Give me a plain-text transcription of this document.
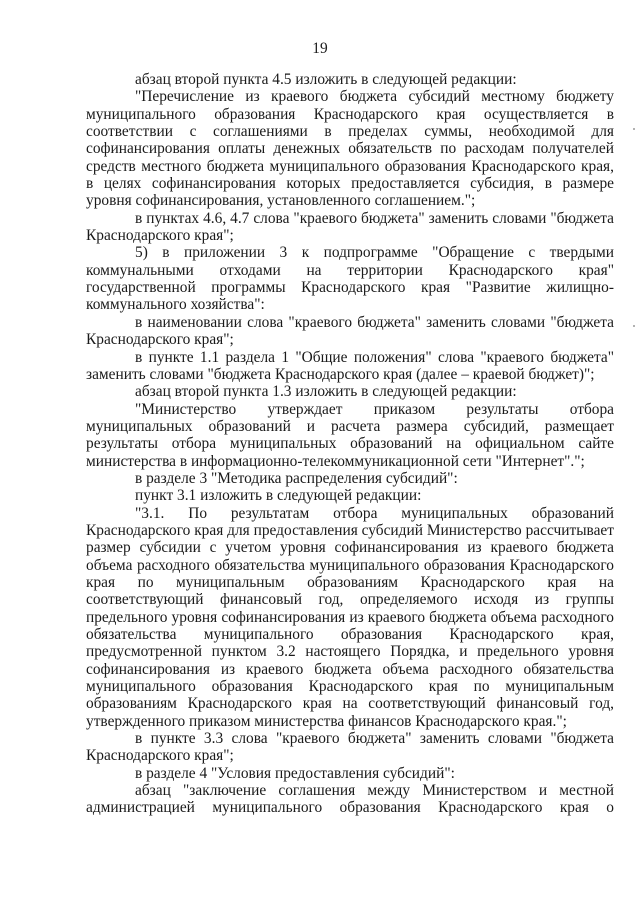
19

абзац второй пункта 4.5 изложить в следующей редакции:

"Перечисление из краевого бюджета субсидий местному бюджету муниципального образования Краснодарского края осуществляется в соответствии с соглашениями в пределах суммы, необходимой для софинансирования оплаты денежных обязательств по расходам получателей средств местного бюджета муниципального образования Краснодарского края, в целях софинансирования которых предоставляется субсидия, в размере уровня софинансирования, установленного соглашением.";

в пунктах 4.6, 4.7 слова "краевого бюджета" заменить словами "бюджета Краснодарского края";

5) в приложении 3 к подпрограмме "Обращение с твердыми коммунальными отходами на территории Краснодарского края" государственной программы Краснодарского края "Развитие жилищно-коммунального хозяйства":

в наименовании слова "краевого бюджета" заменить словами "бюджета Краснодарского края";

в пункте 1.1 раздела 1 "Общие положения" слова "краевого бюджета" заменить словами "бюджета Краснодарского края (далее – краевой бюджет)";

абзац второй пункта 1.3 изложить в следующей редакции:

"Министерство утверждает приказом результаты отбора муниципальных образований и расчета размера субсидий, размещает результаты отбора муниципальных образований на официальном сайте министерства в информационно-телекоммуникационной сети "Интернет".";

в разделе 3 "Методика распределения субсидий":

пункт 3.1 изложить в следующей редакции:

"3.1. По результатам отбора муниципальных образований Краснодарского края для предоставления субсидий Министерство рассчитывает размер субсидии с учетом уровня софинансирования из краевого бюджета объема расходного обязательства муниципального образования Краснодарского края по муниципальным образованиям Краснодарского края на соответствующий финансовый год, определяемого исходя из группы предельного уровня софинансирования из краевого бюджета объема расходного обязательства муниципального образования Краснодарского края, предусмотренной пунктом 3.2 настоящего Порядка, и предельного уровня софинансирования из краевого бюджета объема расходного обязательства муниципального образования Краснодарского края по муниципальным образованиям Краснодарского края на соответствующий финансовый год, утвержденного приказом министерства финансов Краснодарского края.";

в пункте 3.3 слова "краевого бюджета" заменить словами "бюджета Краснодарского края";

в разделе 4 "Условия предоставления субсидий":

абзац "заключение соглашения между Министерством и местной администрацией муниципального образования Краснодарского края о
